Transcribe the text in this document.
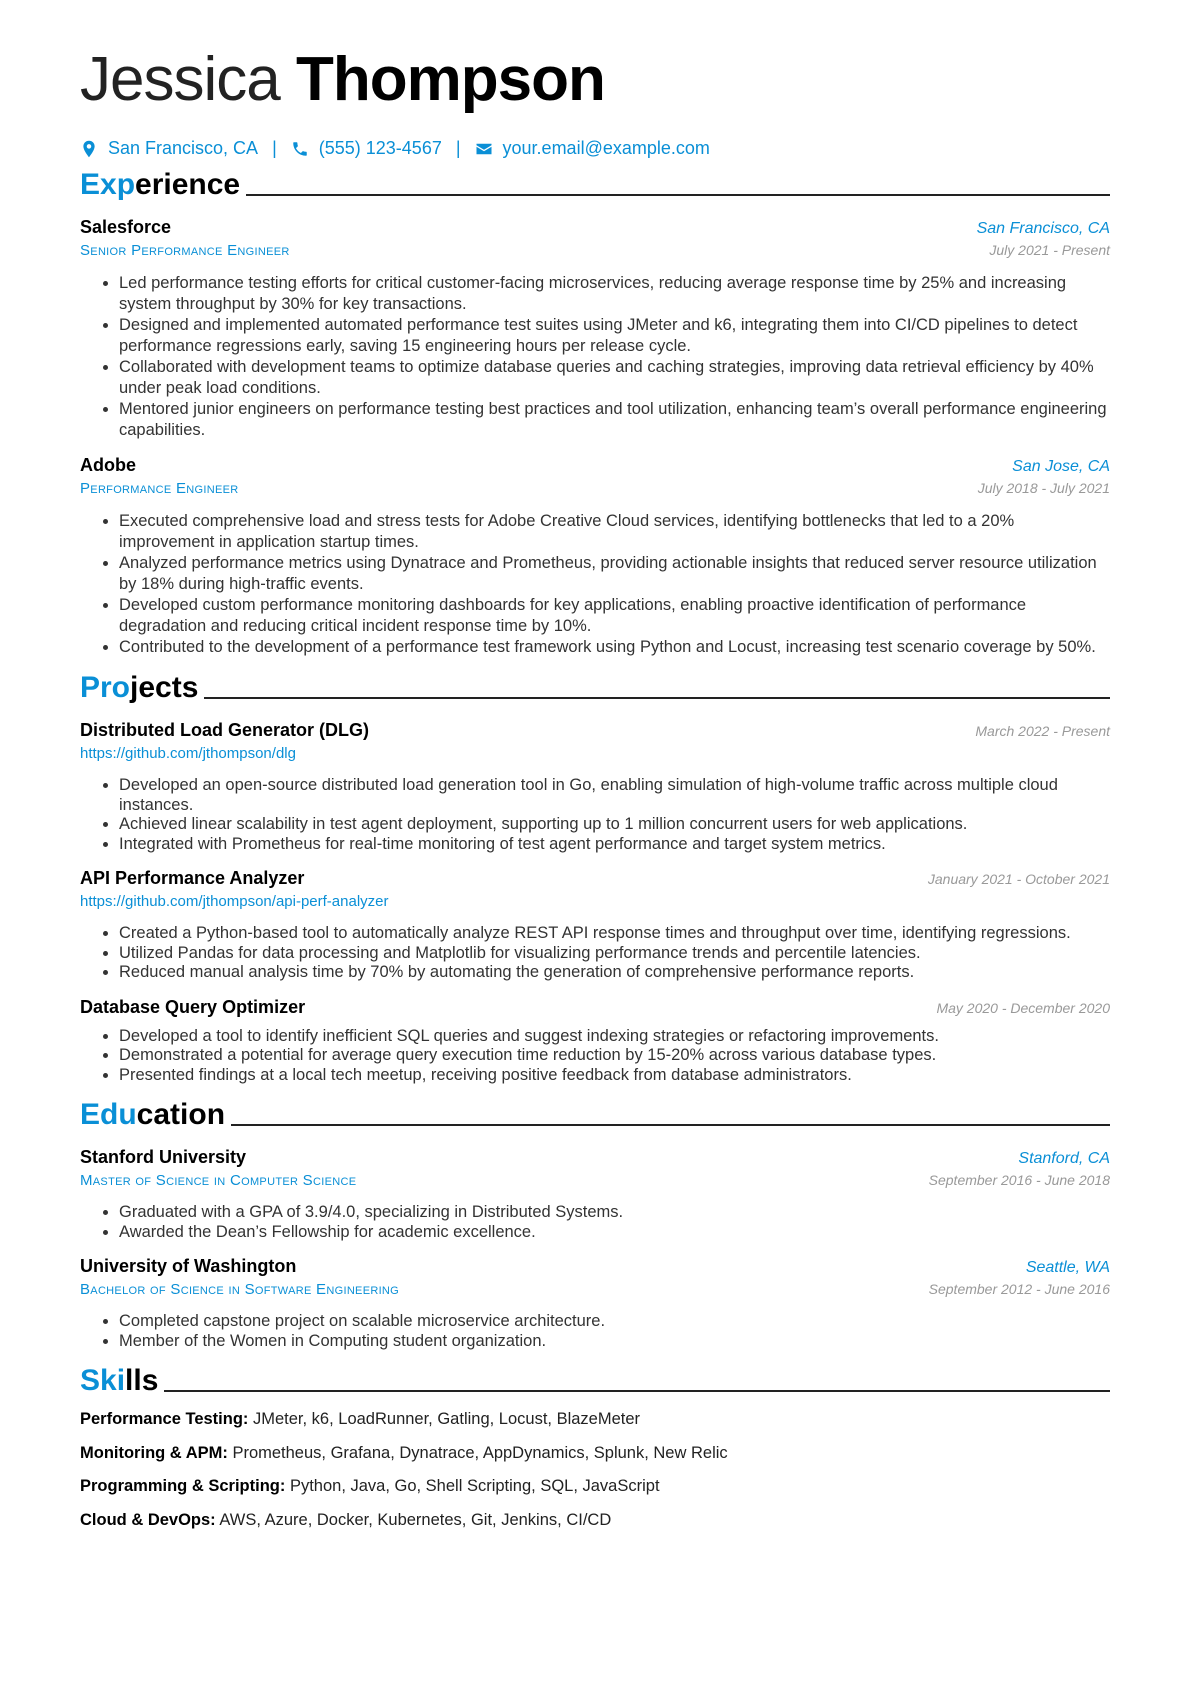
Jessica Thompson
San Francisco, CA | (555) 123-4567 | your.email@example.com
Experience
Salesforce	San Francisco, CA
Senior Performance Engineer	July 2021 - Present
• Led performance testing efforts for critical customer-facing microservices, reducing average response time by 25% and increasing system throughput by 30% for key transactions.
• Designed and implemented automated performance test suites using JMeter and k6, integrating them into CI/CD pipelines to detect performance regressions early, saving 15 engineering hours per release cycle.
• Collaborated with development teams to optimize database queries and caching strategies, improving data retrieval efficiency by 40% under peak load conditions.
• Mentored junior engineers on performance testing best practices and tool utilization, enhancing team’s overall performance engineering capabilities.
Adobe	San Jose, CA
Performance Engineer	July 2018 - July 2021
• Executed comprehensive load and stress tests for Adobe Creative Cloud services, identifying bottlenecks that led to a 20% improvement in application startup times.
• Analyzed performance metrics using Dynatrace and Prometheus, providing actionable insights that reduced server resource utilization by 18% during high-traffic events.
• Developed custom performance monitoring dashboards for key applications, enabling proactive identification of performance degradation and reducing critical incident response time by 10%.
• Contributed to the development of a performance test framework using Python and Locust, increasing test scenario coverage by 50%.
Projects
Distributed Load Generator (DLG)	March 2022 - Present
https://github.com/jthompson/dlg
• Developed an open-source distributed load generation tool in Go, enabling simulation of high-volume traffic across multiple cloud instances.
• Achieved linear scalability in test agent deployment, supporting up to 1 million concurrent users for web applications.
• Integrated with Prometheus for real-time monitoring of test agent performance and target system metrics.
API Performance Analyzer	January 2021 - October 2021
https://github.com/jthompson/api-perf-analyzer
• Created a Python-based tool to automatically analyze REST API response times and throughput over time, identifying regressions.
• Utilized Pandas for data processing and Matplotlib for visualizing performance trends and percentile latencies.
• Reduced manual analysis time by 70% by automating the generation of comprehensive performance reports.
Database Query Optimizer	May 2020 - December 2020
• Developed a tool to identify inefficient SQL queries and suggest indexing strategies or refactoring improvements.
• Demonstrated a potential for average query execution time reduction by 15-20% across various database types.
• Presented findings at a local tech meetup, receiving positive feedback from database administrators.
Education
Stanford University	Stanford, CA
Master of Science in Computer Science	September 2016 - June 2018
• Graduated with a GPA of 3.9/4.0, specializing in Distributed Systems.
• Awarded the Dean’s Fellowship for academic excellence.
University of Washington	Seattle, WA
Bachelor of Science in Software Engineering	September 2012 - June 2016
• Completed capstone project on scalable microservice architecture.
• Member of the Women in Computing student organization.
Skills
Performance Testing: JMeter, k6, LoadRunner, Gatling, Locust, BlazeMeter
Monitoring & APM: Prometheus, Grafana, Dynatrace, AppDynamics, Splunk, New Relic
Programming & Scripting: Python, Java, Go, Shell Scripting, SQL, JavaScript
Cloud & DevOps: AWS, Azure, Docker, Kubernetes, Git, Jenkins, CI/CD
